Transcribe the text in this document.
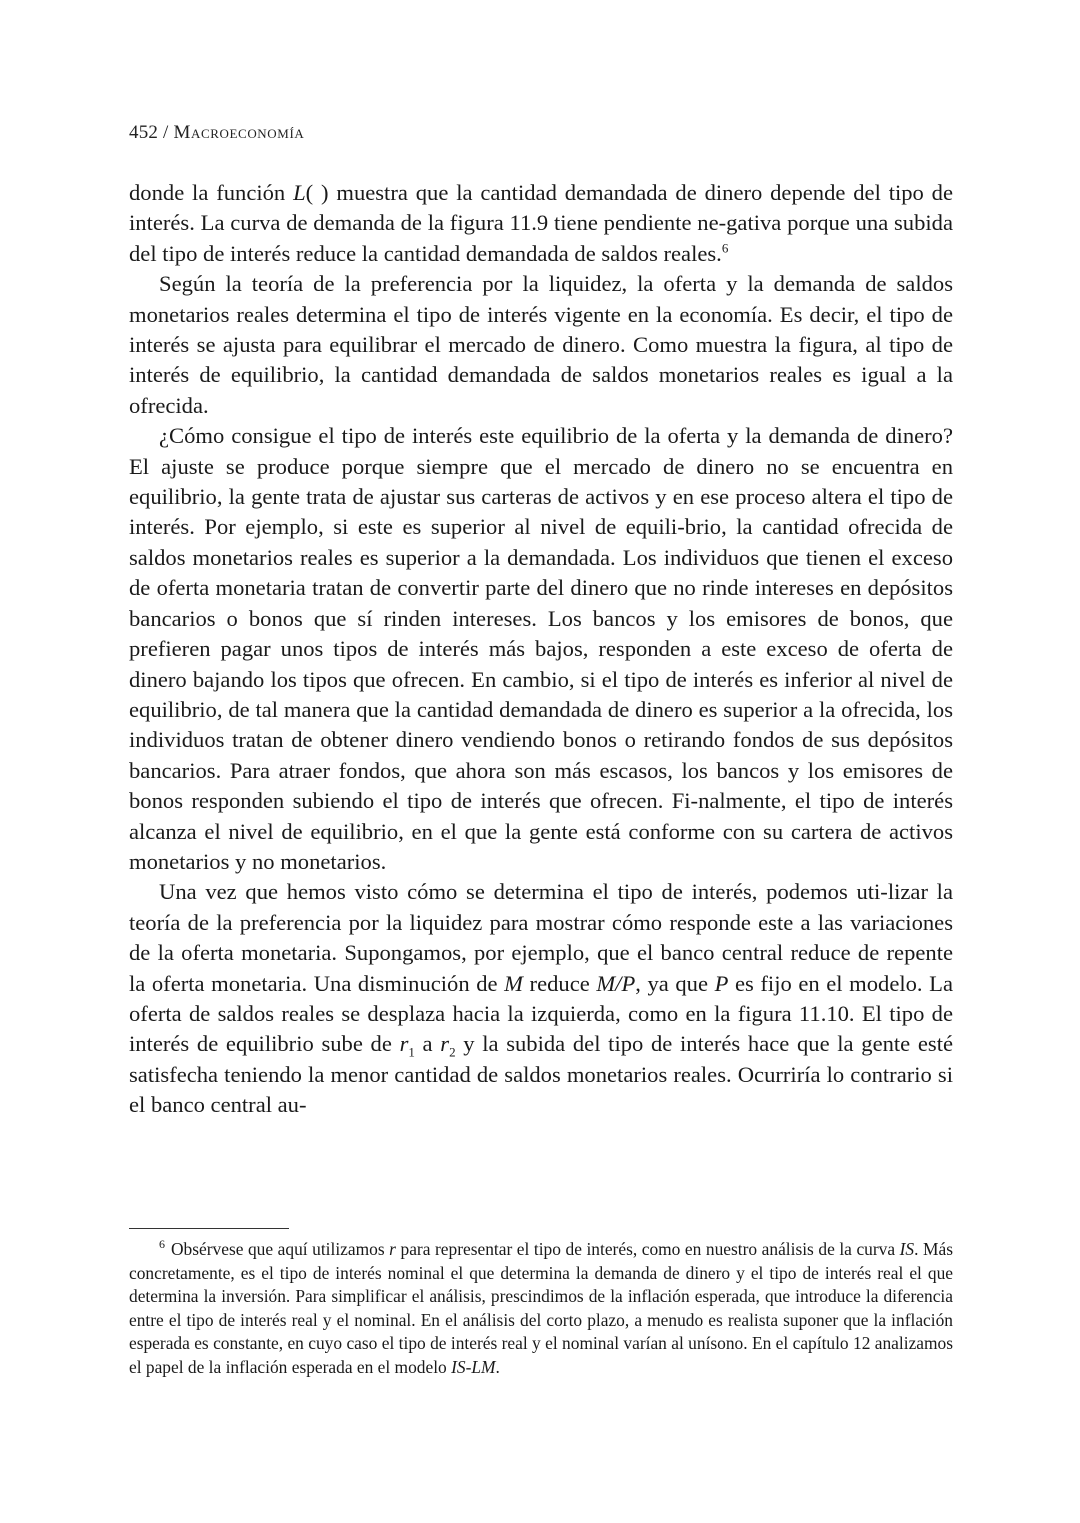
452 / Macroeconomía

donde la función L( ) muestra que la cantidad demandada de dinero depende del tipo de interés. La curva de demanda de la figura 11.9 tiene pendiente ne-gativa porque una subida del tipo de interés reduce la cantidad demandada de saldos reales.$^6$

Según la teoría de la preferencia por la liquidez, la oferta y la demanda de saldos monetarios reales determina el tipo de interés vigente en la economía. Es decir, el tipo de interés se ajusta para equilibrar el mercado de dinero. Como muestra la figura, al tipo de interés de equilibrio, la cantidad demandada de saldos monetarios reales es igual a la ofrecida.

¿Cómo consigue el tipo de interés este equilibrio de la oferta y la demanda de dinero? El ajuste se produce porque siempre que el mercado de dinero no se encuentra en equilibrio, la gente trata de ajustar sus carteras de activos y en ese proceso altera el tipo de interés. Por ejemplo, si este es superior al nivel de equili-brio, la cantidad ofrecida de saldos monetarios reales es superior a la demandada. Los individuos que tienen el exceso de oferta monetaria tratan de convertir parte del dinero que no rinde intereses en depósitos bancarios o bonos que sí rinden intereses. Los bancos y los emisores de bonos, que prefieren pagar unos tipos de interés más bajos, responden a este exceso de oferta de dinero bajando los tipos que ofrecen. En cambio, si el tipo de interés es inferior al nivel de equilibrio, de tal manera que la cantidad demandada de dinero es superior a la ofrecida, los individuos tratan de obtener dinero vendiendo bonos o retirando fondos de sus depósitos bancarios. Para atraer fondos, que ahora son más escasos, los bancos y los emisores de bonos responden subiendo el tipo de interés que ofrecen. Fi-nalmente, el tipo de interés alcanza el nivel de equilibrio, en el que la gente está conforme con su cartera de activos monetarios y no monetarios.

Una vez que hemos visto cómo se determina el tipo de interés, podemos uti-lizar la teoría de la preferencia por la liquidez para mostrar cómo responde este a las variaciones de la oferta monetaria. Supongamos, por ejemplo, que el banco central reduce de repente la oferta monetaria. Una disminución de M reduce M/P, ya que P es fijo en el modelo. La oferta de saldos reales se desplaza hacia la izquierda, como en la figura 11.10. El tipo de interés de equilibrio sube de $r_1$ a $r_2$ y la subida del tipo de interés hace que la gente esté satisfecha teniendo la menor cantidad de saldos monetarios reales. Ocurriría lo contrario si el banco central au-

$^6$ Obsérvese que aquí utilizamos r para representar el tipo de interés, como en nuestro análisis de la curva IS. Más concretamente, es el tipo de interés nominal el que determina la demanda de dinero y el tipo de interés real el que determina la inversión. Para simplificar el análisis, prescindimos de la inflación esperada, que introduce la diferencia entre el tipo de interés real y el nominal. En el análisis del corto plazo, a menudo es realista suponer que la inflación esperada es constante, en cuyo caso el tipo de interés real y el nominal varían al unísono. En el capítulo 12 analizamos el papel de la inflación esperada en el modelo IS-LM.
